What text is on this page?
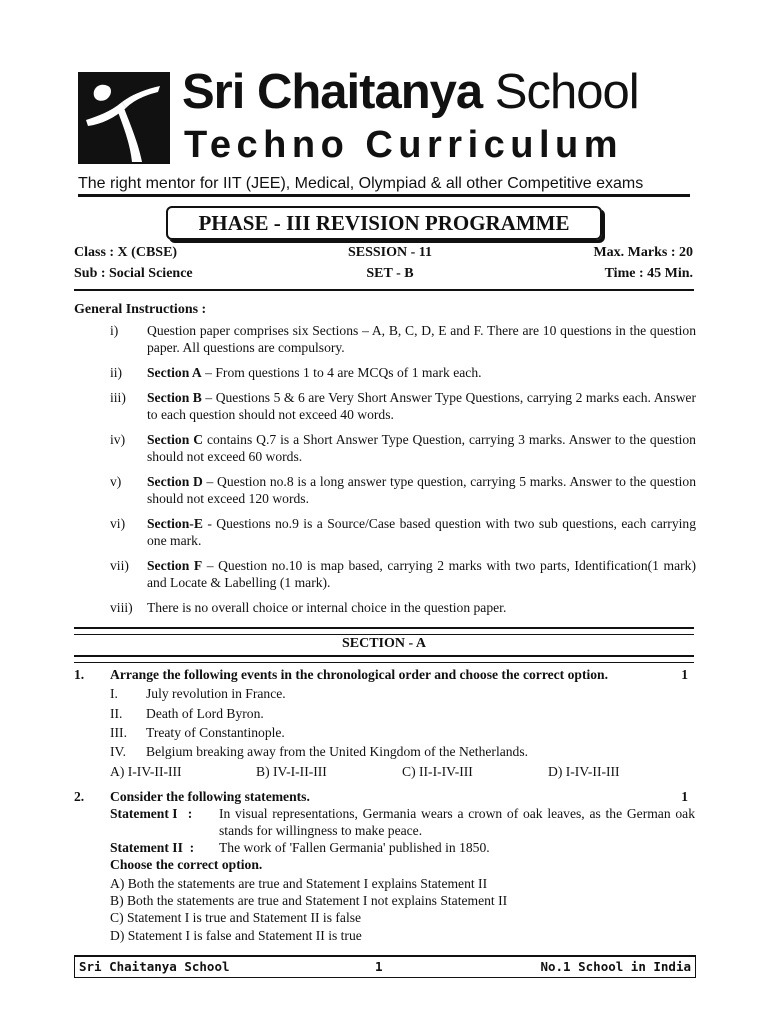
Sri Chaitanya School
Techno Curriculum
The right mentor for IIT (JEE), Medical, Olympiad & all other Competitive exams
PHASE - III REVISION PROGRAMME
Class : X (CBSE)	SESSION - 11	Max. Marks : 20
Sub : Social Science	SET - B	Time : 45 Min.
General Instructions :
i) Question paper comprises six Sections – A, B, C, D, E and F. There are 10 questions in the question paper. All questions are compulsory.
ii) Section A – From questions 1 to 4 are MCQs of 1 mark each.
iii) Section B – Questions 5 & 6 are Very Short Answer Type Questions, carrying 2 marks each. Answer to each question should not exceed 40 words.
iv) Section C contains Q.7 is a Short Answer Type Question, carrying 3 marks. Answer to the question should not exceed 60 words.
v) Section D – Question no.8 is a long answer type question, carrying 5 marks. Answer to the question should not exceed 120 words.
vi) Section-E - Questions no.9 is a Source/Case based question with two sub questions, each carrying one mark.
vii) Section F – Question no.10 is map based, carrying 2 marks with two parts, Identification(1 mark) and Locate & Labelling (1 mark).
viii) There is no overall choice or internal choice in the question paper.
SECTION - A
1. Arrange the following events in the chronological order and choose the correct option.	1
I. July revolution in France.
II. Death of Lord Byron.
III. Treaty of Constantinople.
IV. Belgium breaking away from the United Kingdom of the Netherlands.
A) I-IV-II-III	B) IV-I-II-III	C) II-I-IV-III	D) I-IV-II-III
2. Consider the following statements.	1
Statement I   : In visual representations, Germania wears a crown of oak leaves, as the German oak stands for willingness to make peace.
Statement II  : The work of 'Fallen Germania' published in 1850.
Choose the correct option.
A) Both the statements are true and Statement I explains Statement II
B) Both the statements are true and Statement I not explains Statement II
C) Statement I is true and Statement II is false
D) Statement I is false and Statement II is true
Sri Chaitanya School	1	No.1 School in India
